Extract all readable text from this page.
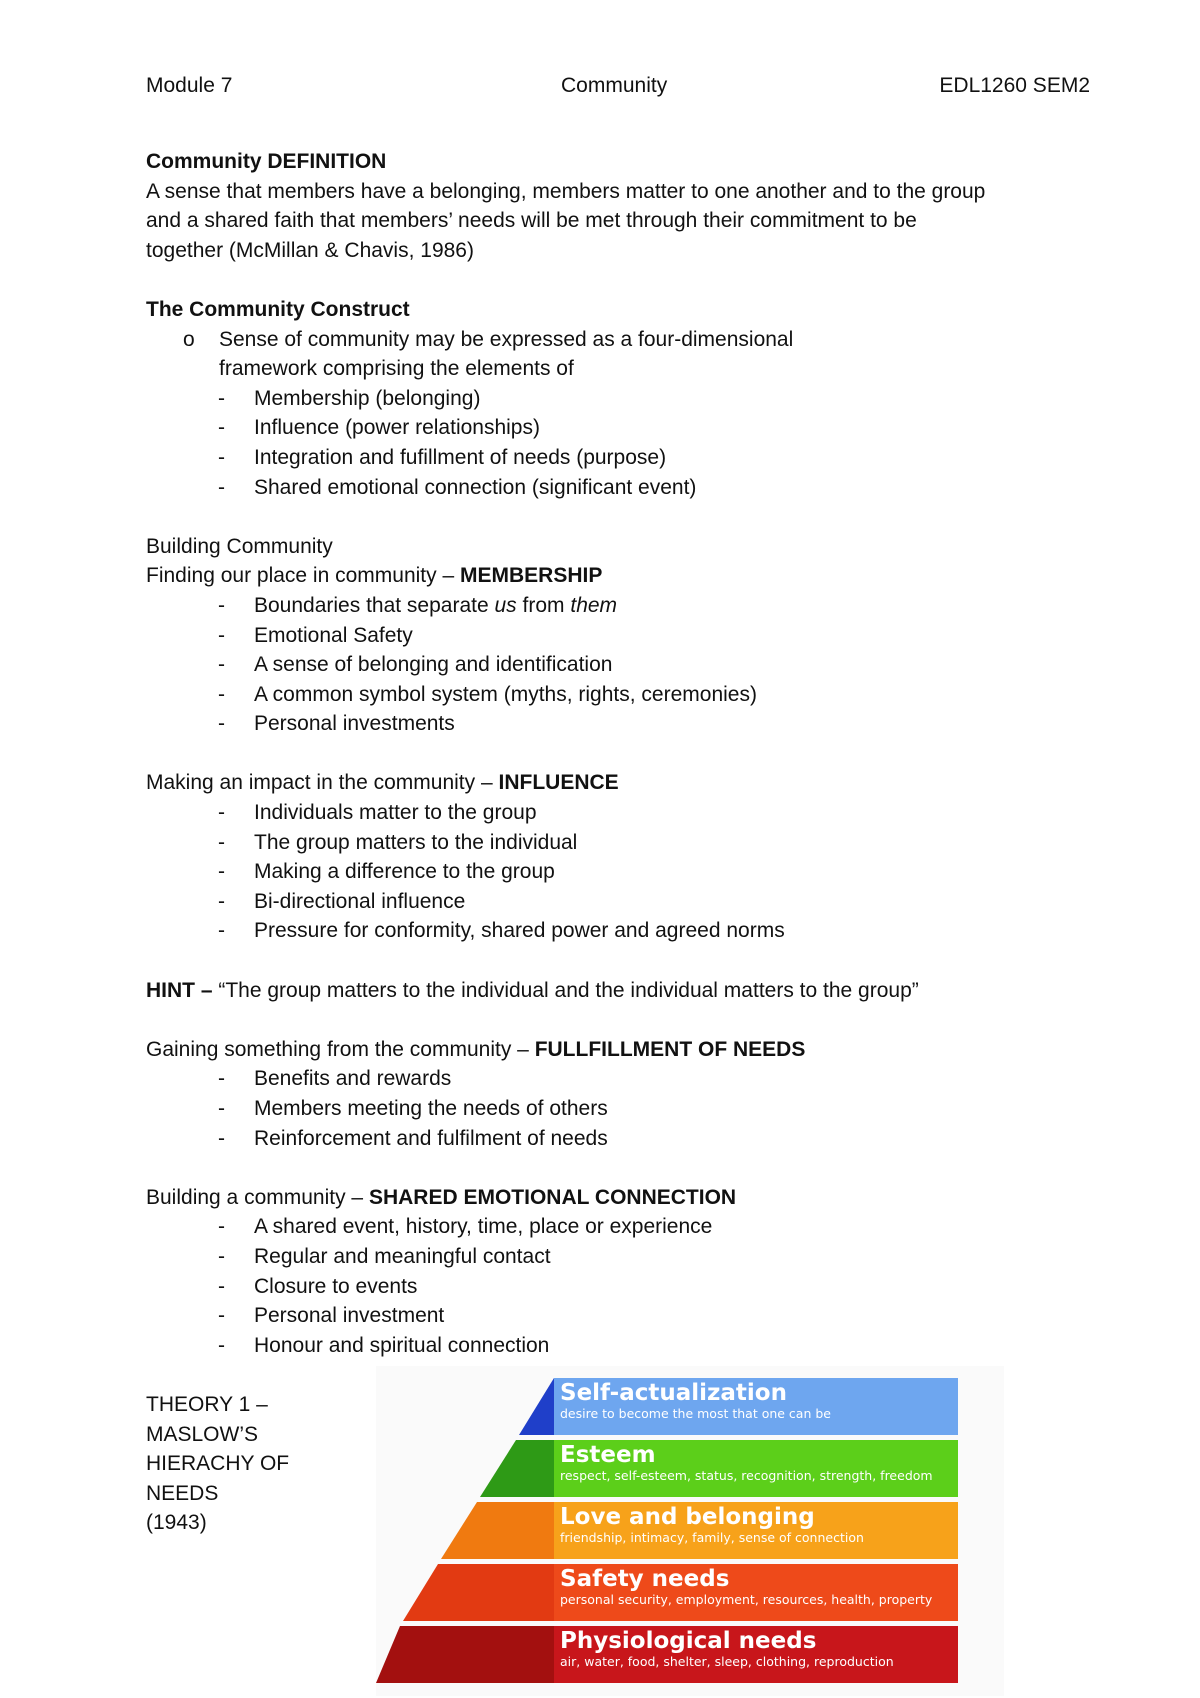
Module 7	Community	EDL1260 SEM2
Community DEFINITION
A sense that members have a belonging, members matter to one another and to the group
and a shared faith that members’ needs will be met through their commitment to be
together (McMillan & Chavis, 1986)
The Community Construct
o Sense of community may be expressed as a four-dimensional
framework comprising the elements of
- Membership (belonging)
- Influence (power relationships)
- Integration and fufillment of needs (purpose)
- Shared emotional connection (significant event)
Building Community
Finding our place in community – MEMBERSHIP
- Boundaries that separate us from them
- Emotional Safety
- A sense of belonging and identification
- A common symbol system (myths, rights, ceremonies)
- Personal investments
Making an impact in the community – INFLUENCE
- Individuals matter to the group
- The group matters to the individual
- Making a difference to the group
- Bi-directional influence
- Pressure for conformity, shared power and agreed norms
HINT – “The group matters to the individual and the individual matters to the group”
Gaining something from the community – FULLFILLMENT OF NEEDS
- Benefits and rewards
- Members meeting the needs of others
- Reinforcement and fulfilment of needs
Building a community – SHARED EMOTIONAL CONNECTION
- A shared event, history, time, place or experience
- Regular and meaningful contact
- Closure to events
- Personal investment
- Honour and spiritual connection
THEORY 1 –
MASLOW’S
HIERACHY OF NEEDS
(1943)
Self-actualization
desire to become the most that one can be
Esteem
respect, self-esteem, status, recognition, strength, freedom
Love and belonging
friendship, intimacy, family, sense of connection
Safety needs
personal security, employment, resources, health, property
Physiological needs
air, water, food, shelter, sleep, clothing, reproduction
